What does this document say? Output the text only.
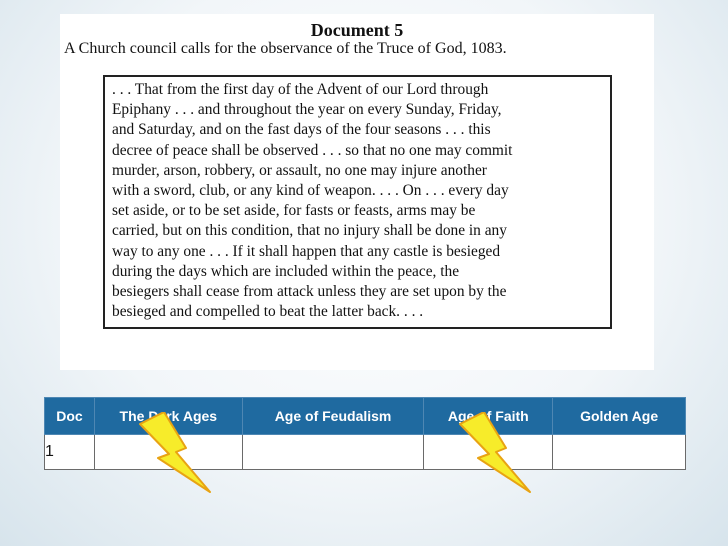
Document 5
A Church council calls for the observance of the Truce of God, 1083.
. . . That from the first day of the Advent of our Lord through
Epiphany . . . and throughout the year on every Sunday, Friday,
and Saturday, and on the fast days of the four seasons . . . this
decree of peace shall be observed . . . so that no one may commit
murder, arson, robbery, or assault, no one may injure another
with a sword, club, or any kind of weapon. . . . On . . . every day
set aside, or to be set aside, for fasts or feasts, arms may be
carried, but on this condition, that no injury shall be done in any
way to any one . . . If it shall happen that any castle is besieged
during the days which are included within the peace, the
besiegers shall cease from attack unless they are set upon by the
besieged and compelled to beat the latter back. . . .
Doc	The Dark Ages	Age of Feudalism	Age of Faith	Golden Age
1				
